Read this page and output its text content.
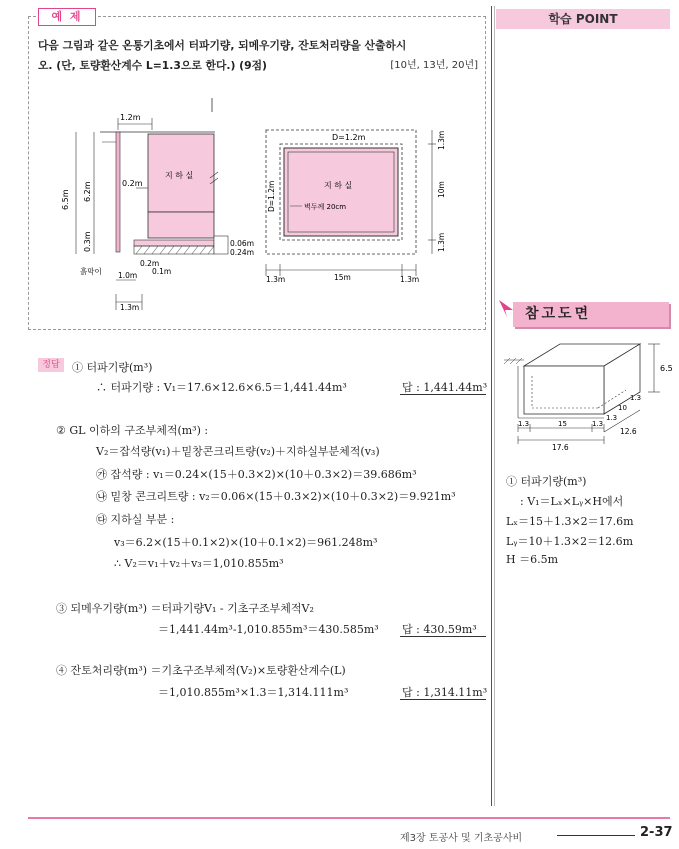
예 제
다음 그림과 같은 온통기초에서 터파기량, 되메우기량, 잔토처리량을 산출하시
오. (단, 토량환산계수 L=1.3으로 한다.) (9점)	[10년, 13년, 20년]
1.2m
지 하 실
6.5m 6.2m
0.3m
0.2m
0.06m
0.24m
0.2m
0.1m
1.0m
흙막이
1.3m
D=1.2m
D=1.2m	지 하 실
벽두께 20cm
1.3m
10m
1.3m
1.3m	15m	1.3m
정답	① 터파기량(m³)
∴ 터파기량 : V₁＝17.6×12.6×6.5＝1,441.44m³	답 : 1,441.44m³
② GL 이하의 구조부체적(m³) :
V₂＝잡석량(v₁)＋밑창콘크리트량(v₂)＋지하실부분체적(v₃)
㉮ 잡석량 : v₁＝0.24×(15＋0.3×2)×(10＋0.3×2)＝39.686m³
㉯ 밑창 콘크리트량 : v₂＝0.06×(15＋0.3×2)×(10＋0.3×2)＝9.921m³
㉰ 지하실 부분 :
v₃＝6.2×(15＋0.1×2)×(10＋0.1×2)＝961.248m³
∴ V₂＝v₁＋v₂＋v₃＝1,010.855m³
③ 되메우기량(m³) ＝터파기량V₁ - 기초구조부체적V₂
＝1,441.44m³-1,010.855m³＝430.585m³ 답 : 430.59m³
④ 잔토처리량(m³) ＝기초구조부체적(V₂)×토량환산계수(L)
＝1,010.855m³×1.3＝1,314.111m³	답 : 1,314.11m³
학습 POINT
참고도면
6.5
1.3
10
1.3
1.3	15	1.3
12.6
17.6
① 터파기량(m³)
: V₁＝Lₓ×Lᵧ×H에서
Lₓ＝15＋1.3×2＝17.6m
Lᵧ＝10＋1.3×2＝12.6m
H ＝6.5m
제3장 토공사 및 기초공사비	2-37
